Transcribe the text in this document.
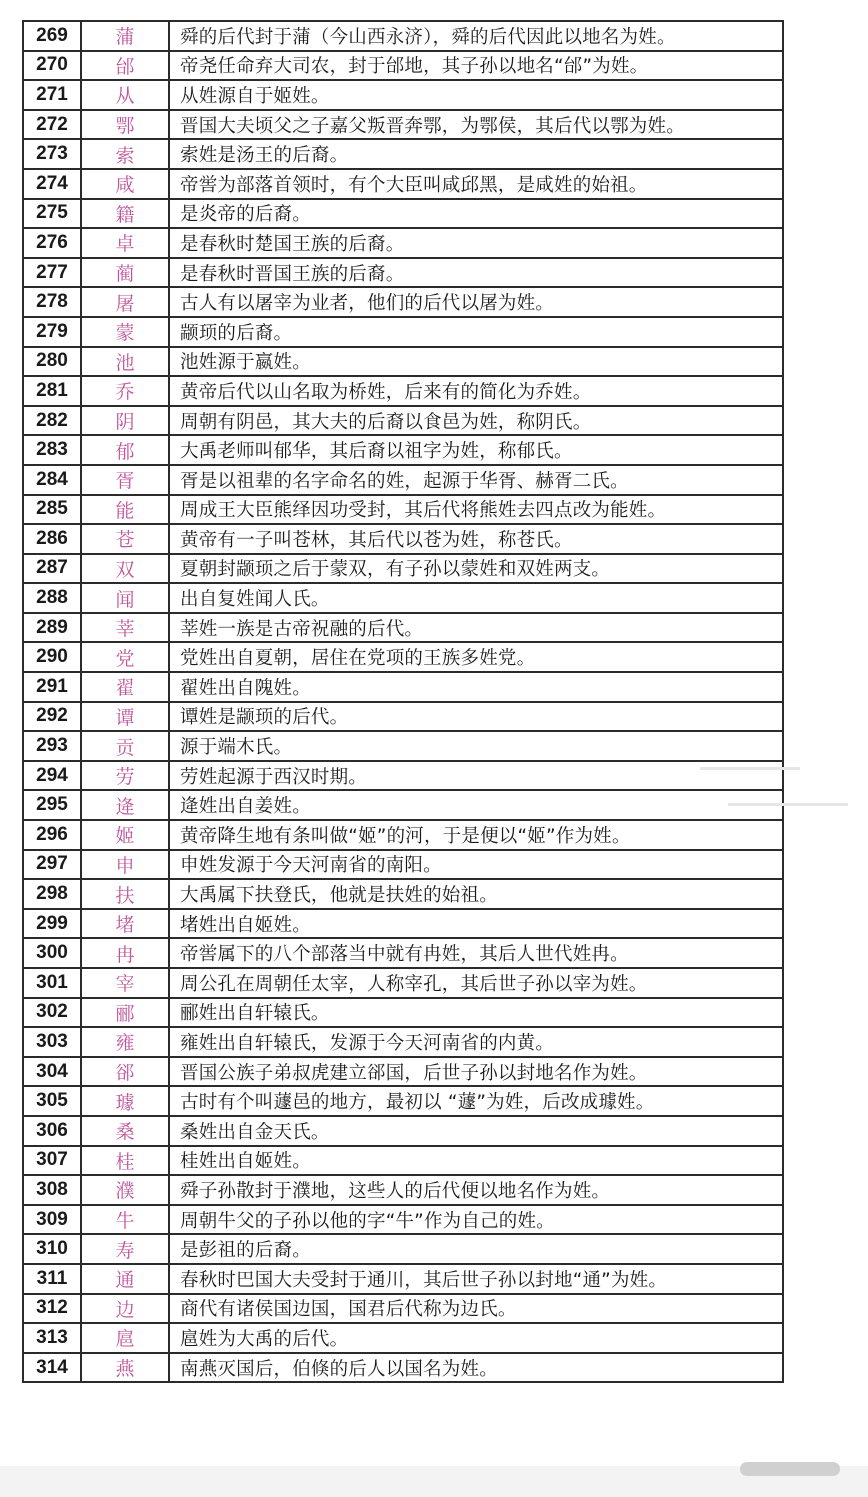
269	蒲	舜的后代封于蒲（今山西永济），舜的后代因此以地名为姓。
270	邰	帝尧任命弃大司农，封于邰地，其子孙以地名“邰”为姓。
271	从	从姓源自于姬姓。
272	鄂	晋国大夫顷父之子嘉父叛晋奔鄂，为鄂侯，其后代以鄂为姓。
273	索	索姓是汤王的后裔。
274	咸	帝喾为部落首领时，有个大臣叫咸邱黑，是咸姓的始祖。
275	籍	是炎帝的后裔。
276	卓	是春秋时楚国王族的后裔。
277	蔺	是春秋时晋国王族的后裔。
278	屠	古人有以屠宰为业者，他们的后代以屠为姓。
279	蒙	颛顼的后裔。
280	池	池姓源于嬴姓。
281	乔	黄帝后代以山名取为桥姓，后来有的简化为乔姓。
282	阴	周朝有阴邑，其大夫的后裔以食邑为姓，称阴氏。
283	郁	大禹老师叫郁华，其后裔以祖字为姓，称郁氏。
284	胥	胥是以祖辈的名字命名的姓，起源于华胥、赫胥二氏。
285	能	周成王大臣熊绎因功受封，其后代将熊姓去四点改为能姓。
286	苍	黄帝有一子叫苍林，其后代以苍为姓，称苍氏。
287	双	夏朝封颛顼之后于蒙双，有子孙以蒙姓和双姓两支。
288	闻	出自复姓闻人氏。
289	莘	莘姓一族是古帝祝融的后代。
290	党	党姓出自夏朝，居住在党项的王族多姓党。
291	翟	翟姓出自隗姓。
292	谭	谭姓是颛顼的后代。
293	贡	源于端木氏。
294	劳	劳姓起源于西汉时期。
295	逄	逄姓出自姜姓。
296	姬	黄帝降生地有条叫做“姬”的河，于是便以“姬”作为姓。
297	申	申姓发源于今天河南省的南阳。
298	扶	大禹属下扶登氏，他就是扶姓的始祖。
299	堵	堵姓出自姬姓。
300	冉	帝喾属下的八个部落当中就有冉姓，其后人世代姓冉。
301	宰	周公孔在周朝任太宰，人称宰孔，其后世子孙以宰为姓。
302	郦	郦姓出自轩辕氏。
303	雍	雍姓出自轩辕氏，发源于今天河南省的内黄。
304	郤	晋国公族子弟叔虎建立郤国，后世子孙以封地名作为姓。
305	璩	古时有个叫蘧邑的地方，最初以 “蘧”为姓，后改成璩姓。
306	桑	桑姓出自金天氏。
307	桂	桂姓出自姬姓。
308	濮	舜子孙散封于濮地，这些人的后代便以地名作为姓。
309	牛	周朝牛父的子孙以他的字“牛”作为自己的姓。
310	寿	是彭祖的后裔。
311	通	春秋时巴国大夫受封于通川，其后世子孙以封地“通”为姓。
312	边	商代有诸侯国边国，国君后代称为边氏。
313	扈	扈姓为大禹的后代。
314	燕	南燕灭国后，伯倏的后人以国名为姓。
